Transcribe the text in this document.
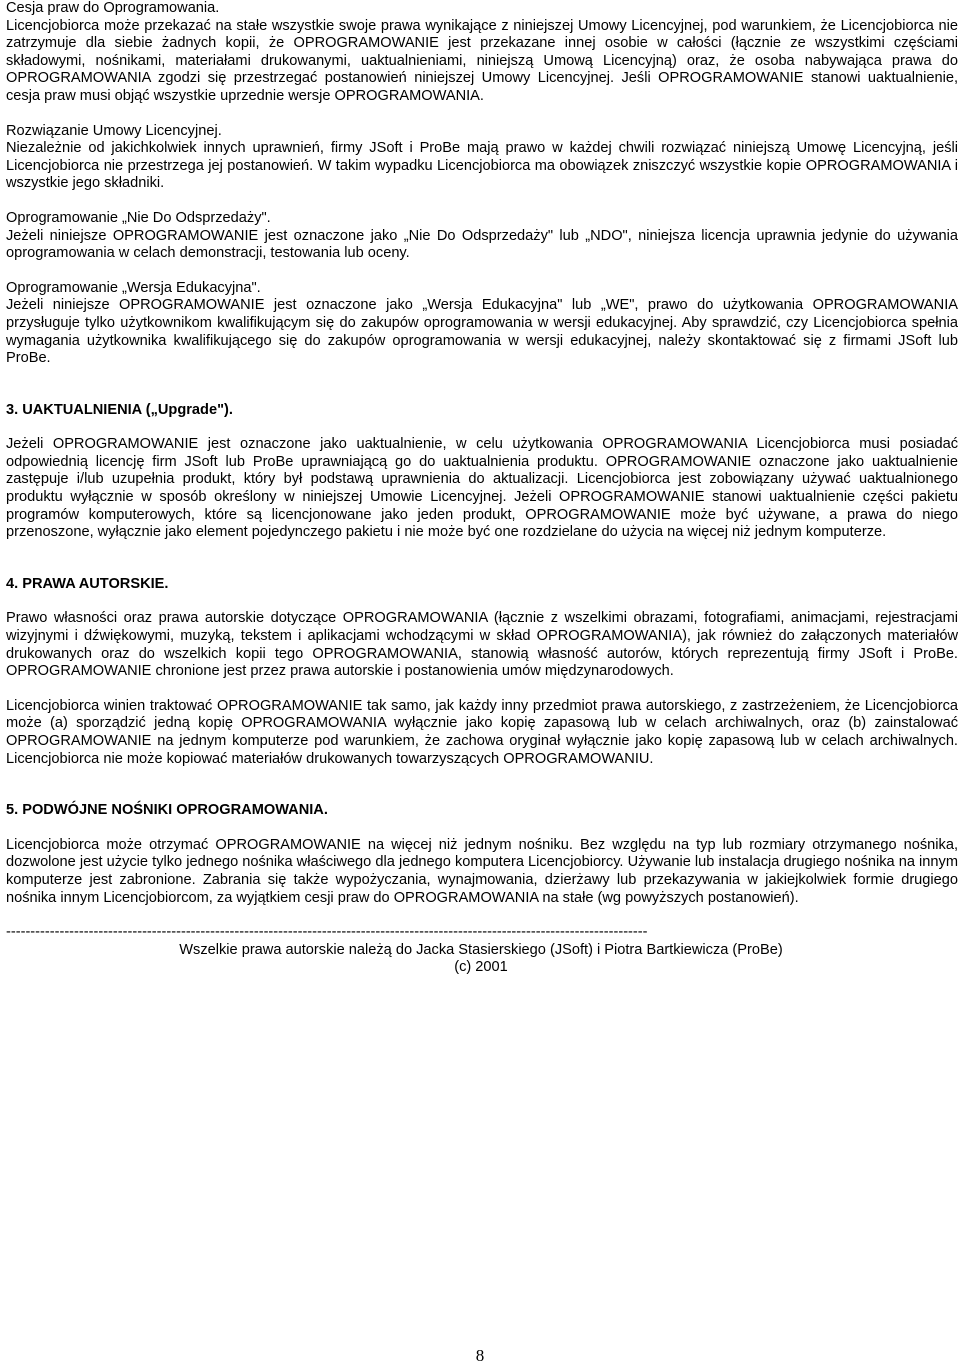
Cesja praw do Oprogramowania.

Licencjobiorca może przekazać na stałe wszystkie swoje prawa wynikające z niniejszej Umowy Licencyjnej, pod warunkiem, że Licencjobiorca nie zatrzymuje dla siebie żadnych kopii, że OPROGRAMOWANIE jest przekazane innej osobie w całości (łącznie ze wszystkimi częściami składowymi, nośnikami, materiałami drukowanymi, uaktualnieniami, niniejszą Umową Licencyjną) oraz, że osoba nabywająca prawa do OPROGRAMOWANIA zgodzi się przestrzegać postanowień niniejszej Umowy Licencyjnej. Jeśli OPROGRAMOWANIE stanowi uaktualnienie, cesja praw musi objąć wszystkie uprzednie wersje OPROGRAMOWANIA.

Rozwiązanie Umowy Licencyjnej.

Niezależnie od jakichkolwiek innych uprawnień, firmy JSoft i ProBe mają prawo w każdej chwili rozwiązać niniejszą Umowę Licencyjną, jeśli Licencjobiorca nie przestrzega jej postanowień. W takim wypadku Licencjobiorca ma obowiązek zniszczyć wszystkie kopie OPROGRAMOWANIA i wszystkie jego składniki.

Oprogramowanie „Nie Do Odsprzedaży".

Jeżeli niniejsze OPROGRAMOWANIE jest oznaczone jako „Nie Do Odsprzedaży" lub „NDO", niniejsza licencja uprawnia jedynie do używania oprogramowania w celach demonstracji, testowania lub oceny.

Oprogramowanie „Wersja Edukacyjna".

Jeżeli niniejsze OPROGRAMOWANIE jest oznaczone jako „Wersja Edukacyjna" lub „WE", prawo do użytkowania OPROGRAMOWANIA przysługuje tylko użytkownikom kwalifikującym się do zakupów oprogramowania w wersji edukacyjnej. Aby sprawdzić, czy Licencjobiorca spełnia wymagania użytkownika kwalifikującego się do zakupów oprogramowania w wersji edukacyjnej, należy skontaktować się z firmami JSoft lub ProBe.

3. UAKTUALNIENIA („Upgrade").

Jeżeli OPROGRAMOWANIE jest oznaczone jako uaktualnienie, w celu użytkowania OPROGRAMOWANIA Licencjobiorca musi posiadać odpowiednią licencję firm JSoft lub ProBe uprawniającą go do uaktualnienia produktu. OPROGRAMOWANIE oznaczone jako uaktualnienie zastępuje i/lub uzupełnia produkt, który był podstawą uprawnienia do aktualizacji. Licencjobiorca jest zobowiązany używać uaktualnionego produktu wyłącznie w sposób określony w niniejszej Umowie Licencyjnej. Jeżeli OPROGRAMOWANIE stanowi uaktualnienie części pakietu programów komputerowych, które są licencjonowane jako jeden produkt, OPROGRAMOWANIE może być używane, a prawa do niego przenoszone, wyłącznie jako element pojedynczego pakietu i nie może być one rozdzielane do użycia na więcej niż jednym komputerze.

4. PRAWA AUTORSKIE.

Prawo własności oraz prawa autorskie dotyczące OPROGRAMOWANIA (łącznie z wszelkimi obrazami, fotografiami, animacjami, rejestracjami wizyjnymi i dźwiękowymi, muzyką, tekstem i aplikacjami wchodzącymi w skład OPROGRAMOWANIA), jak również do załączonych materiałów drukowanych oraz do wszelkich kopii tego OPROGRAMOWANIA, stanowią własność autorów, których reprezentują firmy JSoft i ProBe. OPROGRAMOWANIE chronione jest przez prawa autorskie i postanowienia umów międzynarodowych.

Licencjobiorca winien traktować OPROGRAMOWANIE tak samo, jak każdy inny przedmiot prawa autorskiego, z zastrzeżeniem, że Licencjobiorca może (a) sporządzić jedną kopię OPROGRAMOWANIA wyłącznie jako kopię zapasową lub w celach archiwalnych, oraz (b) zainstalować OPROGRAMOWANIE na jednym komputerze pod warunkiem, że zachowa oryginał wyłącznie jako kopię zapasową lub w celach archiwalnych. Licencjobiorca nie może kopiować materiałów drukowanych towarzyszących OPROGRAMOWANIU.

5. PODWÓJNE NOŚNIKI OPROGRAMOWANIA.

Licencjobiorca może otrzymać OPROGRAMOWANIE na więcej niż jednym nośniku. Bez względu na typ lub rozmiary otrzymanego nośnika, dozwolone jest użycie tylko jednego nośnika właściwego dla jednego komputera Licencjobiorcy. Używanie lub instalacja drugiego nośnika na innym komputerze jest zabronione. Zabrania się także wypożyczania, wynajmowania, dzierżawy lub przekazywania w jakiejkolwiek formie drugiego nośnika innym Licencjobiorcom, za wyjątkiem cesji praw do OPROGRAMOWANIA na stałe (wg powyższych postanowień).

------------------------------------------------------------------------------------------------------------------------------------

Wszelkie prawa autorskie należą do Jacka Stasierskiego (JSoft) i Piotra Bartkiewicza (ProBe)

(c) 2001

8
